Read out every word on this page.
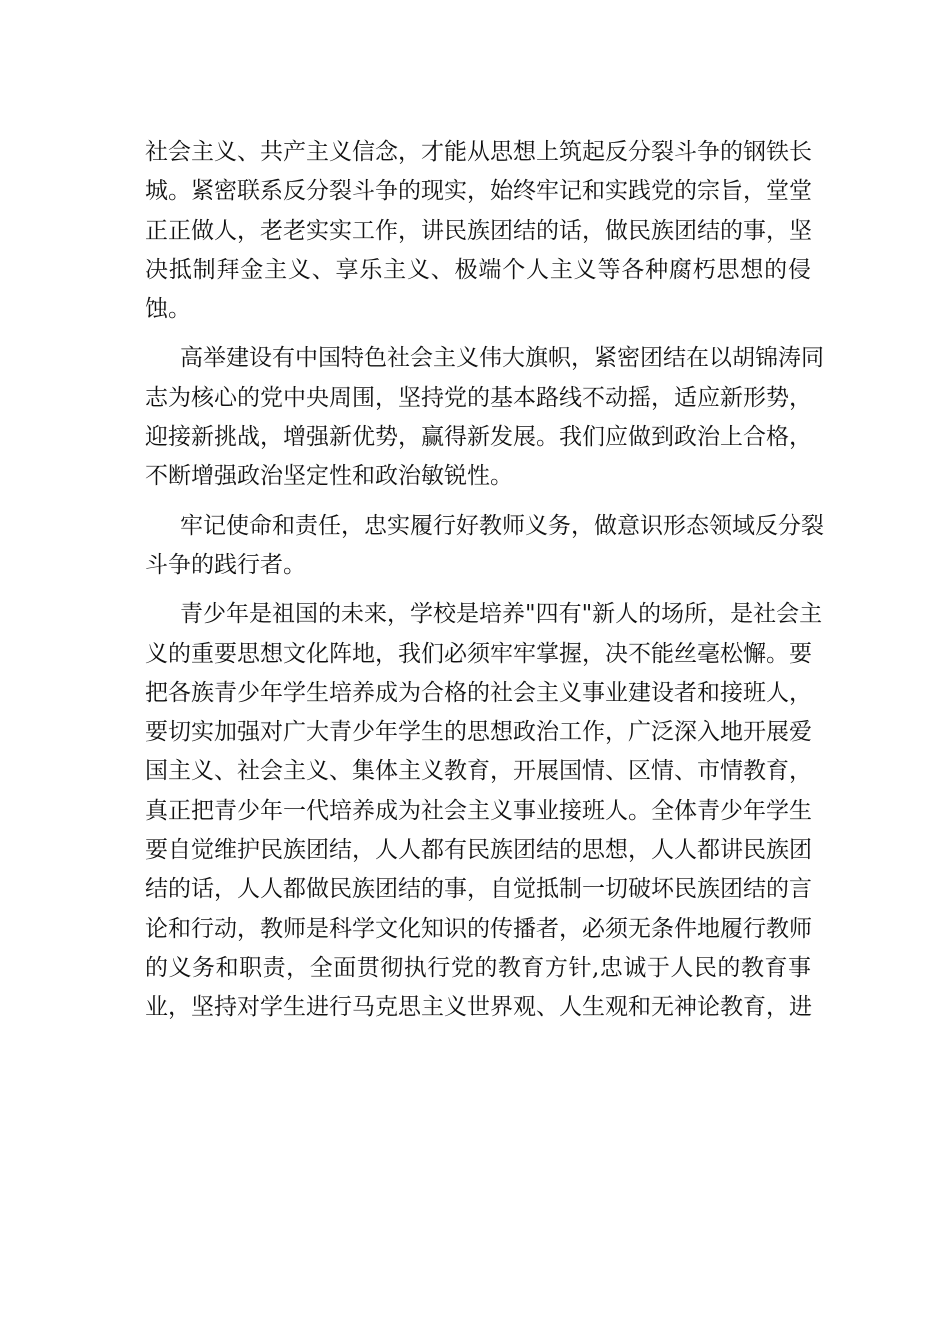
社会主义、共产主义信念，才能从思想上筑起反分裂斗争的钢铁长
城。紧密联系反分裂斗争的现实，始终牢记和实践党的宗旨，堂堂
正正做人，老老实实工作，讲民族团结的话，做民族团结的事，坚
决抵制拜金主义、享乐主义、极端个人主义等各种腐朽思想的侵
蚀。
高举建设有中国特色社会主义伟大旗帜，紧密团结在以胡锦涛同
志为核心的党中央周围，坚持党的基本路线不动摇，适应新形势，
迎接新挑战，增强新优势，赢得新发展。我们应做到政治上合格，
不断增强政治坚定性和政治敏锐性。
牢记使命和责任，忠实履行好教师义务，做意识形态领域反分裂
斗争的践行者。
青少年是祖国的未来，学校是培养"四有"新人的场所，是社会主
义的重要思想文化阵地，我们必须牢牢掌握，决不能丝毫松懈。要
把各族青少年学生培养成为合格的社会主义事业建设者和接班人，
要切实加强对广大青少年学生的思想政治工作，广泛深入地开展爱
国主义、社会主义、集体主义教育，开展国情、区情、市情教育，
真正把青少年一代培养成为社会主义事业接班人。全体青少年学生
要自觉维护民族团结，人人都有民族团结的思想，人人都讲民族团
结的话，人人都做民族团结的事，自觉抵制一切破坏民族团结的言
论和行动，教师是科学文化知识的传播者，必须无条件地履行教师
的义务和职责，全面贯彻执行党的教育方针,忠诚于人民的教育事
业，坚持对学生进行马克思主义世界观、人生观和无神论教育，进
